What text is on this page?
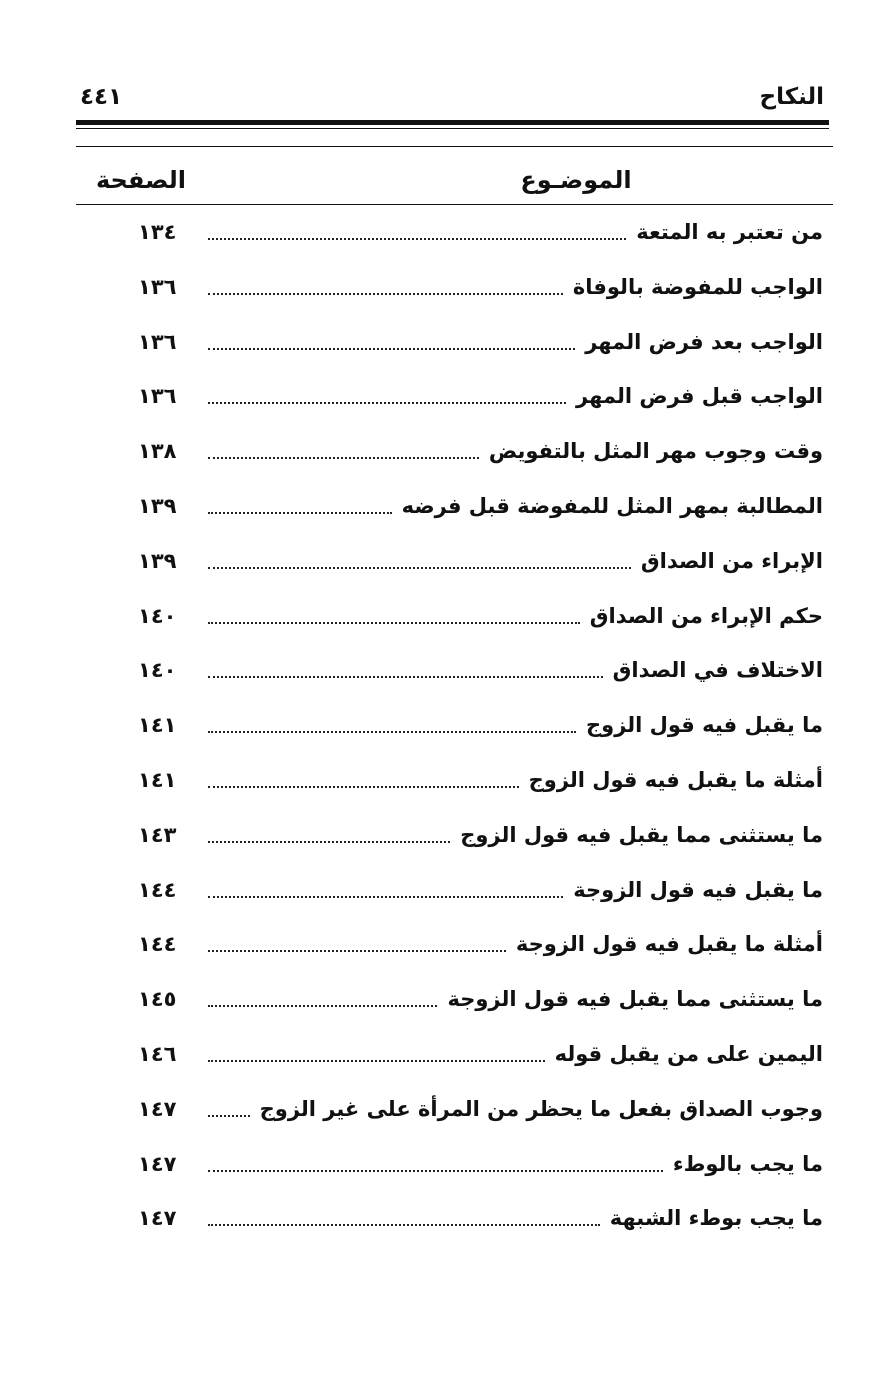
النكاح
٤٤١
الموضـوع
الصفحة
من تعتبر به المتعة
١٣٤
الواجب للمفوضة بالوفاة
١٣٦
الواجب بعد فرض المهر
١٣٦
الواجب قبل فرض المهر
١٣٦
وقت وجوب مهر المثل بالتفويض
١٣٨
المطالبة بمهر المثل للمفوضة قبل فرضه
١٣٩
الإبراء من الصداق
١٣٩
حكم الإبراء من الصداق
١٤٠
الاختلاف في الصداق
١٤٠
ما يقبل فيه قول الزوج
١٤١
أمثلة ما يقبل فيه قول الزوج
١٤١
ما يستثنى مما يقبل فيه قول الزوج
١٤٣
ما يقبل فيه قول الزوجة
١٤٤
أمثلة ما يقبل فيه قول الزوجة
١٤٤
ما يستثنى مما يقبل فيه قول الزوجة
١٤٥
اليمين على من يقبل قوله
١٤٦
وجوب الصداق بفعل ما يحظر من المرأة على غير الزوج
١٤٧
ما يجب بالوطء
١٤٧
ما يجب بوطء الشبهة
١٤٧
